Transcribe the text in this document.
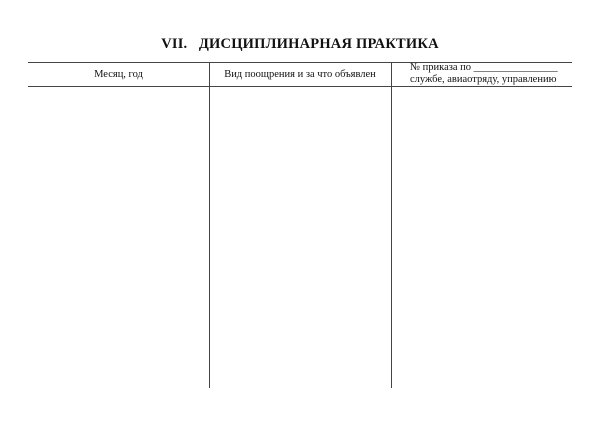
VII. ДИСЦИПЛИНАРНАЯ ПРАКТИКА
Месяц, год	Вид поощрения и за что объявлен
№ приказа по ________________
службе, авиаотряду, управлению
